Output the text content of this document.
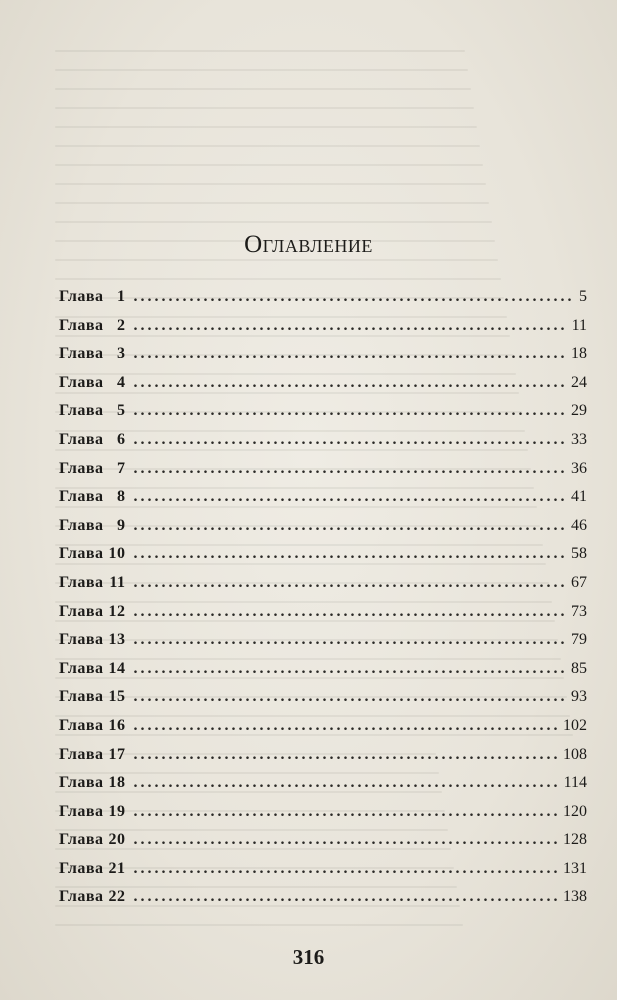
Оглавление
Глава 1 . . .	5
Глава 2 . . .	11
Глава 3 . . .	18
Глава 4 . . .	24
Глава 5 . . .	29
Глава 6 . . .	33
Глава 7 . . .	36
Глава 8 . . .	41
Глава 9 . . .	46
Глава 10 . . .	58
Глава 11 . . .	67
Глава 12 . . .	73
Глава 13 . . .	79
Глава 14 . . .	85
Глава 15 . . .	93
Глава 16 . . .	102
Глава 17 . . .	108
Глава 18 . . .	114
Глава 19 . . .	120
Глава 20 . . .	128
Глава 21 . . .	131
Глава 22 . . .	138
316
